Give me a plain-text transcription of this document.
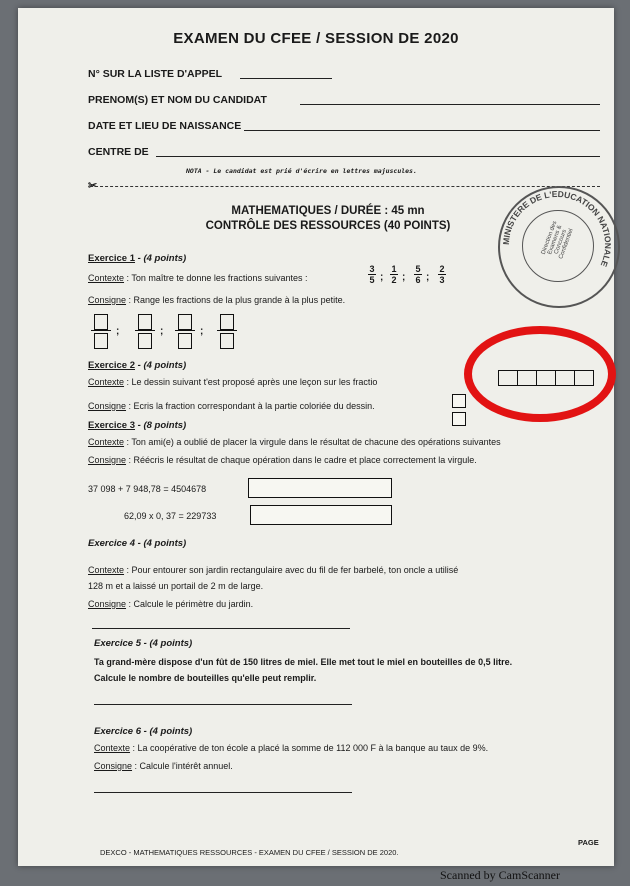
EXAMEN DU CFEE / SESSION DE 2020
N° SUR LA LISTE D'APPEL
PRENOM(S) ET NOM DU CANDIDAT
DATE ET LIEU DE NAISSANCE
CENTRE DE
NOTA - Le candidat est prié d'écrire en lettres majuscules.
✂
MATHEMATIQUES / DURÉE : 45 mn
CONTRÔLE DES RESSOURCES (40 POINTS)
MINISTERE DE L'EDUCATION NATIONALE
Direction des Examens & Concours Confidentiel
Exercice 1 - (4 points)
Contexte : Ton maître te donne les fractions suivantes :
3
5 ;
1
2 ;
5
6 ;
2
3
Consigne : Range les fractions de la plus grande à la plus petite.
;	;	;
Exercice 2 - (4 points)
Contexte : Le dessin suivant t'est proposé après une leçon sur les fractio
Consigne : Ecris la fraction correspondant à la partie coloriée du dessin.
Exercice 3 - (8 points)
Contexte : Ton ami(e) a oublié de placer la virgule dans le résultat de chacune des opérations suivantes
Consigne : Réécris le résultat de chaque opération dans le cadre et place correctement la virgule.
37 098 + 7 948,78 = 4504678
62,09 x 0, 37 = 229733
Exercice 4 - (4 points)
Contexte : Pour entourer son jardin rectangulaire avec du fil de fer barbelé, ton oncle a utilisé
128 m et a laissé un portail de 2 m de large.
Consigne : Calcule le périmètre du jardin.
Exercice 5 - (4 points)
Ta grand-mère dispose d'un fût de 150 litres de miel. Elle met tout le miel en bouteilles de 0,5 litre.
Calcule le nombre de bouteilles qu'elle peut remplir.
Exercice 6 - (4 points)
Contexte : La coopérative de ton école a placé la somme de 112 000 F à la banque au taux de 9%.
Consigne : Calcule l'intérêt annuel.
DEXCO - MATHEMATIQUES RESSOURCES - EXAMEN DU CFEE / SESSION DE 2020.
PAGE
Scanned by CamScanner
